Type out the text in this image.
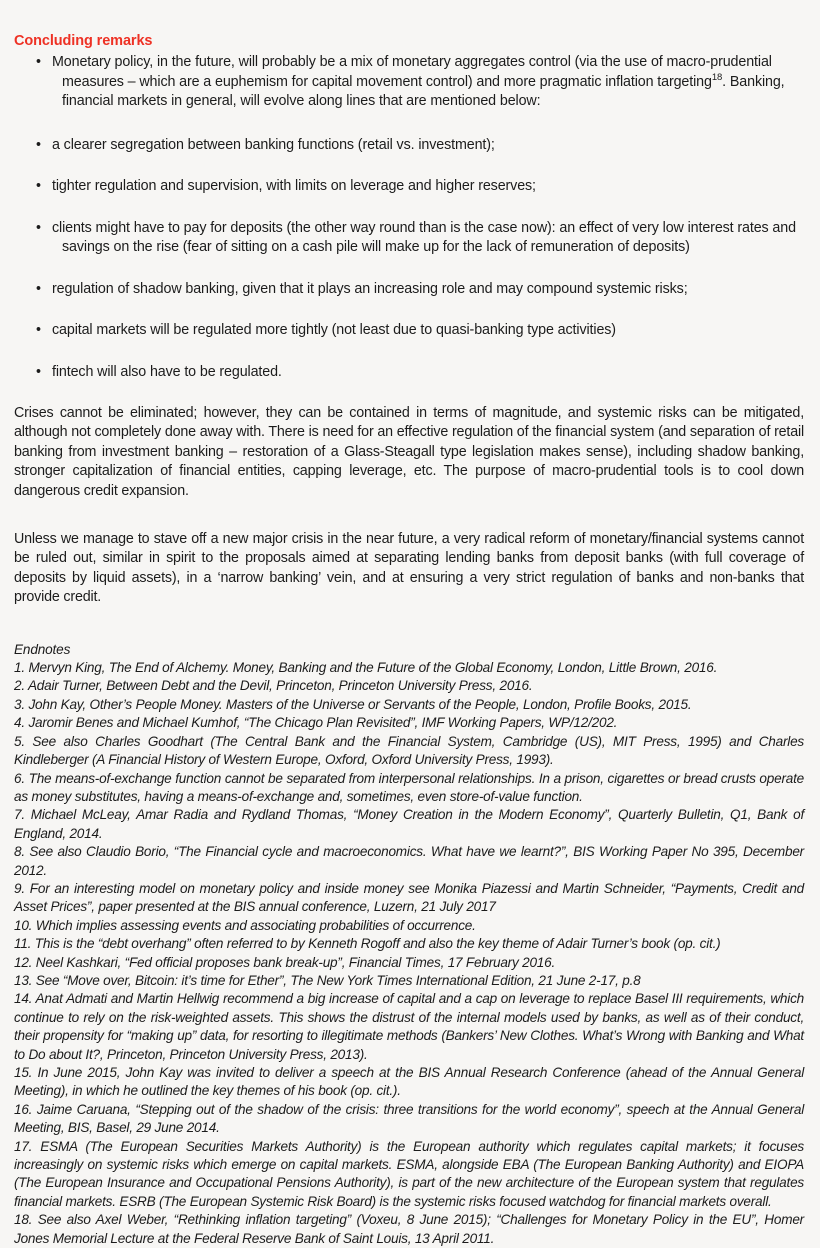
Concluding remarks
• Monetary policy, in the future, will probably be a mix of monetary aggregates control (via the use of macro-prudential measures – which are a euphemism for capital movement control) and more pragmatic inflation targeting$^{18}$. Banking, financial markets in general, will evolve along lines that are mentioned below:
• a clearer segregation between banking functions (retail vs. investment);
• tighter regulation and supervision, with limits on leverage and higher reserves;
• clients might have to pay for deposits (the other way round than is the case now): an effect of very low interest rates and savings on the rise (fear of sitting on a cash pile will make up for the lack of remuneration of deposits)
• regulation of shadow banking, given that it plays an increasing role and may compound systemic risks;
• capital markets will be regulated more tightly (not least due to quasi-banking type activities)
• fintech will also have to be regulated.

Crises cannot be eliminated; however, they can be contained in terms of magnitude, and systemic risks can be mitigated, although not completely done away with. There is need for an effective regulation of the financial system (and separation of retail banking from investment banking – restoration of a Glass-Steagall type legislation makes sense), including shadow banking, stronger capitalization of financial entities, capping leverage, etc. The purpose of macro-prudential tools is to cool down dangerous credit expansion.

Unless we manage to stave off a new major crisis in the near future, a very radical reform of monetary/financial systems cannot be ruled out, similar in spirit to the proposals aimed at separating lending banks from deposit banks (with full coverage of deposits by liquid assets), in a ‘narrow banking’ vein, and at ensuring a very strict regulation of banks and non-banks that provide credit.

Endnotes

1. Mervyn King, The End of Alchemy. Money, Banking and the Future of the Global Economy, London, Little Brown, 2016.

2. Adair Turner, Between Debt and the Devil, Princeton, Princeton University Press, 2016.

3. John Kay, Other’s People Money. Masters of the Universe or Servants of the People, London, Profile Books, 2015.

4. Jaromir Benes and Michael Kumhof, “The Chicago Plan Revisited”, IMF Working Papers, WP/12/202.

5. See also Charles Goodhart (The Central Bank and the Financial System, Cambridge (US), MIT Press, 1995) and Charles Kindleberger (A Financial History of Western Europe, Oxford, Oxford University Press, 1993).

6. The means-of-exchange function cannot be separated from interpersonal relationships. In a prison, cigarettes or bread crusts operate as money substitutes, having a means-of-exchange and, sometimes, even store-of-value function.

7. Michael McLeay, Amar Radia and Rydland Thomas, “Money Creation in the Modern Economy”, Quarterly Bulletin, Q1, Bank of England, 2014.

8. See also Claudio Borio, “The Financial cycle and macroeconomics. What have we learnt?”, BIS Working Paper No 395, December 2012.

9. For an interesting model on monetary policy and inside money see Monika Piazessi and Martin Schneider, “Payments, Credit and Asset Prices”, paper presented at the BIS annual conference, Luzern, 21 July 2017

10. Which implies assessing events and associating probabilities of occurrence.

11. This is the “debt overhang” often referred to by Kenneth Rogoff and also the key theme of Adair Turner’s book (op. cit.)

12. Neel Kashkari, “Fed official proposes bank break-up”, Financial Times, 17 February 2016.

13. See “Move over, Bitcoin: it’s time for Ether”, The New York Times International Edition, 21 June 2-17, p.8

14. Anat Admati and Martin Hellwig recommend a big increase of capital and a cap on leverage to replace Basel III requirements, which continue to rely on the risk-weighted assets. This shows the distrust of the internal models used by banks, as well as of their conduct, their propensity for “making up” data, for resorting to illegitimate methods (Bankers’ New Clothes. What’s Wrong with Banking and What to Do about It?, Princeton, Princeton University Press, 2013).

15. In June 2015, John Kay was invited to deliver a speech at the BIS Annual Research Conference (ahead of the Annual General Meeting), in which he outlined the key themes of his book (op. cit.).

16. Jaime Caruana, “Stepping out of the shadow of the crisis: three transitions for the world economy”, speech at the Annual General Meeting, BIS, Basel, 29 June 2014.

17. ESMA (The European Securities Markets Authority) is the European authority which regulates capital markets; it focuses increasingly on systemic risks which emerge on capital markets. ESMA, alongside EBA (The European Banking Authority) and EIOPA (The European Insurance and Occupational Pensions Authority), is part of the new architecture of the European system that regulates financial markets. ESRB (The European Systemic Risk Board) is the systemic risks focused watchdog for financial markets overall.

18. See also Axel Weber, “Rethinking inflation targeting” (Voxeu, 8 June 2015); “Challenges for Monetary Policy in the EU”, Homer Jones Memorial Lecture at the Federal Reserve Bank of Saint Louis, 13 April 2011.
